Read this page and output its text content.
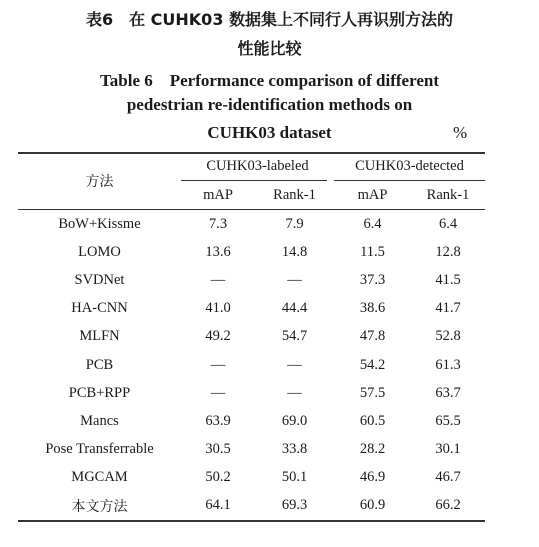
表6　在 CUHK03 数据集上不同行人再识别方法的
性能比较
Table 6　Performance comparison of different
pedestrian re-identification methods on
CUHK03 dataset	%
方法
CUHK03-labeled	CUHK03-detected
mAP	Rank-1	mAP	Rank-1
BoW+Kissme	7.3	7.9	6.4	6.4
LOMO	13.6	14.8	11.5	12.8
SVDNet	—	—	37.3	41.5
HA-CNN	41.0	44.4	38.6	41.7
MLFN	49.2	54.7	47.8	52.8
PCB	—	—	54.2	61.3
PCB+RPP	—	—	57.5	63.7
Mancs	63.9	69.0	60.5	65.5
Pose Transferrable	30.5	33.8	28.2	30.1
MGCAM	50.2	50.1	46.9	46.7
本文方法	64.1	69.3	60.9	66.2
